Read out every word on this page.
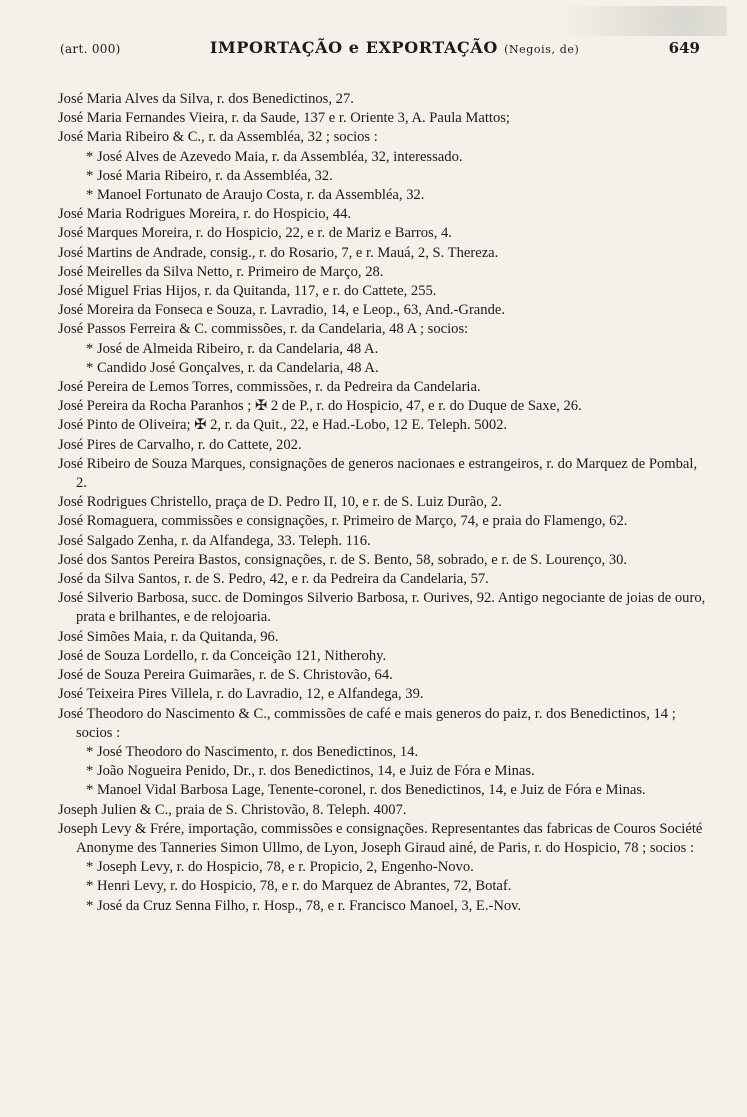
(art. 000)	IMPORTAÇÃO e EXPORTAÇÃO (Negois, de)	649

José Maria Alves da Silva, r. dos Benedictinos, 27.

José Maria Fernandes Vieira, r. da Saude, 137 e r. Oriente 3, A. Paula Mattos;

José Maria Ribeiro & C., r. da Assembléa, 32 ; socios :

* José Alves de Azevedo Maia, r. da Assembléa, 32, interessado.

* José Maria Ribeiro, r. da Assembléa, 32.

* Manoel Fortunato de Araujo Costa, r. da Assembléa, 32.

José Maria Rodrigues Moreira, r. do Hospicio, 44.

José Marques Moreira, r. do Hospicio, 22, e r. de Mariz e Barros, 4.

José Martins de Andrade, consig., r. do Rosario, 7, e r. Mauá, 2, S. Thereza.

José Meirelles da Silva Netto, r. Primeiro de Março, 28.

José Miguel Frias Hijos, r. da Quitanda, 117, e r. do Cattete, 255.

José Moreira da Fonseca e Souza, r. Lavradio, 14, e Leop., 63, And.-Grande.

José Passos Ferreira & C. commissões, r. da Candelaria, 48 A ; socios:

* José de Almeida Ribeiro, r. da Candelaria, 48 A.

* Candido José Gonçalves, r. da Candelaria, 48 A.

José Pereira de Lemos Torres, commissões, r. da Pedreira da Candelaria.

José Pereira da Rocha Paranhos ; ✠ 2 de P., r. do Hospicio, 47, e r. do Duque de Saxe, 26.

José Pinto de Oliveira; ✠ 2, r. da Quit., 22, e Had.-Lobo, 12 E. Teleph. 5002.

José Pires de Carvalho, r. do Cattete, 202.

José Ribeiro de Souza Marques, consignações de generos nacionaes e estrangeiros, r. do Marquez de Pombal, 2.

José Rodrigues Christello, praça de D. Pedro II, 10, e r. de S. Luiz Durão, 2.

José Romaguera, commissões e consignações, r. Primeiro de Março, 74, e praia do Flamengo, 62.

José Salgado Zenha, r. da Alfandega, 33. Teleph. 116.

José dos Santos Pereira Bastos, consignações, r. de S. Bento, 58, sobrado, e r. de S. Lourenço, 30.

José da Silva Santos, r. de S. Pedro, 42, e r. da Pedreira da Candelaria, 57.

José Silverio Barbosa, succ. de Domingos Silverio Barbosa, r. Ourives, 92. Antigo negociante de joias de ouro, prata e brilhantes, e de relojoaria.

José Simões Maia, r. da Quitanda, 96.

José de Souza Lordello, r. da Conceição 121, Nitherohy.

José de Souza Pereira Guimarães, r. de S. Christovão, 64.

José Teixeira Pires Villela, r. do Lavradio, 12, e Alfandega, 39.

José Theodoro do Nascimento & C., commissões de café e mais generos do paiz, r. dos Benedictinos, 14 ; socios :

* José Theodoro do Nascimento, r. dos Benedictinos, 14.

* João Nogueira Penido, Dr., r. dos Benedictinos, 14, e Juiz de Fóra e Minas.

* Manoel Vidal Barbosa Lage, Tenente-coronel, r. dos Benedictinos, 14, e Juiz de Fóra e Minas.

Joseph Julien & C., praia de S. Christovão, 8. Teleph. 4007.

Joseph Levy & Frére, importação, commissões e consignações. Representantes das fabricas de Couros Société Anonyme des Tanneries Simon Ullmo, de Lyon, Joseph Giraud ainé, de Paris, r. do Hospicio, 78 ; socios :

* Joseph Levy, r. do Hospicio, 78, e r. Propicio, 2, Engenho-Novo.

* Henri Levy, r. do Hospicio, 78, e r. do Marquez de Abrantes, 72, Botaf.

* José da Cruz Senna Filho, r. Hosp., 78, e r. Francisco Manoel, 3, E.-Nov.
